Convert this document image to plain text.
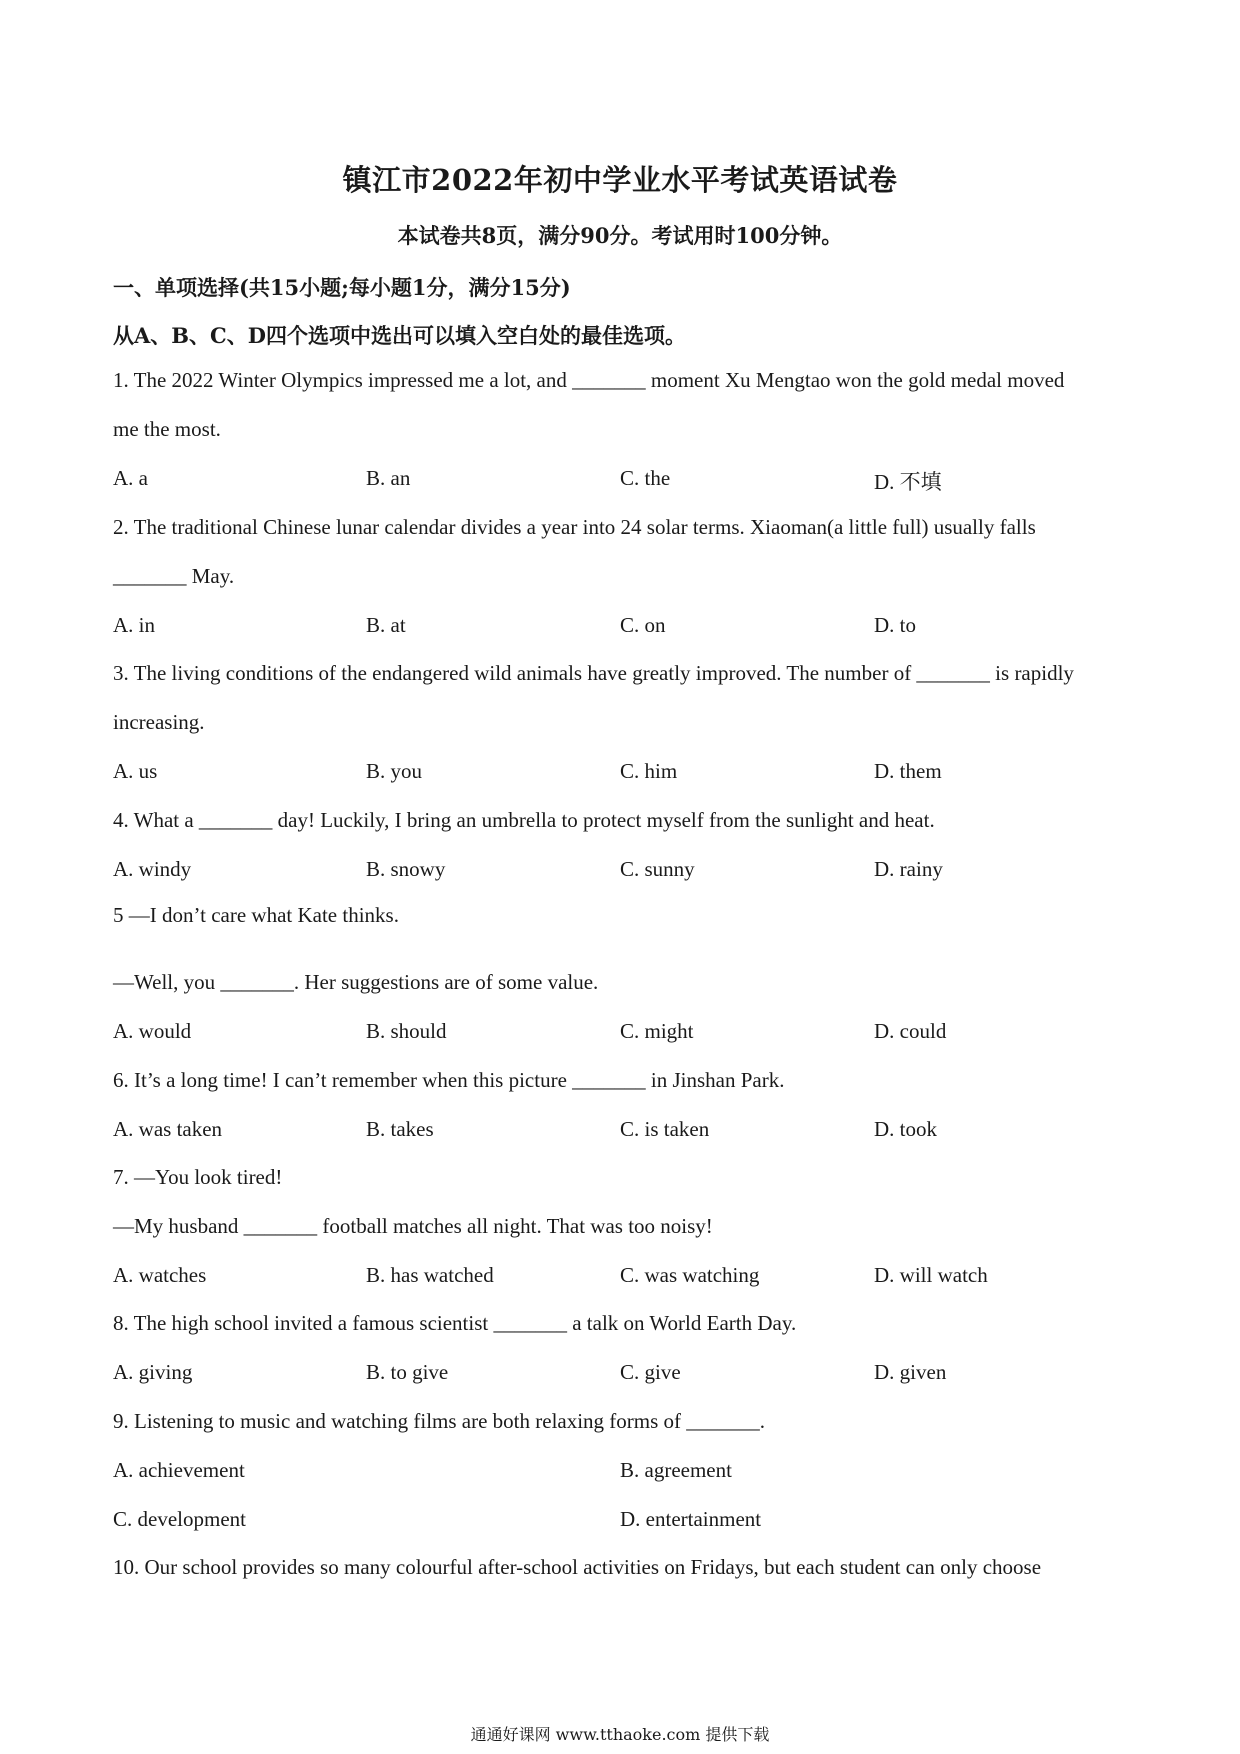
镇江市2022年初中学业水平考试英语试卷
本试卷共8页，满分90分。考试用时100分钟。
一、单项选择(共15小题;每小题1分，满分15分)
从A、B、C、D四个选项中选出可以填入空白处的最佳选项。
1. The 2022 Winter Olympics impressed me a lot, and _______ moment Xu Mengtao won the gold medal moved
me the most.
A. a	B. an	C. the	D. 不填
2. The traditional Chinese lunar calendar divides a year into 24 solar terms. Xiaoman(a little full) usually falls
_______ May.
A. in	B. at	C. on	D. to
3. The living conditions of the endangered wild animals have greatly improved. The number of _______ is rapidly
increasing.
A. us	B. you	C. him	D. them
4. What a _______ day! Luckily, I bring an umbrella to protect myself from the sunlight and heat.
A. windy	B. snowy	C. sunny	D. rainy
5 —I don’t care what Kate thinks.
—Well, you _______. Her suggestions are of some value.
A. would	B. should	C. might	D. could
6. It’s a long time! I can’t remember when this picture _______ in Jinshan Park.
A. was taken	B. takes	C. is taken	D. took
7. —You look tired!
—My husband _______ football matches all night. That was too noisy!
A. watches	B. has watched	C. was watching	D. will watch
8. The high school invited a famous scientist _______ a talk on World Earth Day.
A. giving	B. to give	C. give	D. given
9. Listening to music and watching films are both relaxing forms of _______.
A. achievement	B. agreement
C. development	D. entertainment
10. Our school provides so many colourful after-school activities on Fridays, but each student can only choose
通通好课网 www.tthaoke.com 提供下载
